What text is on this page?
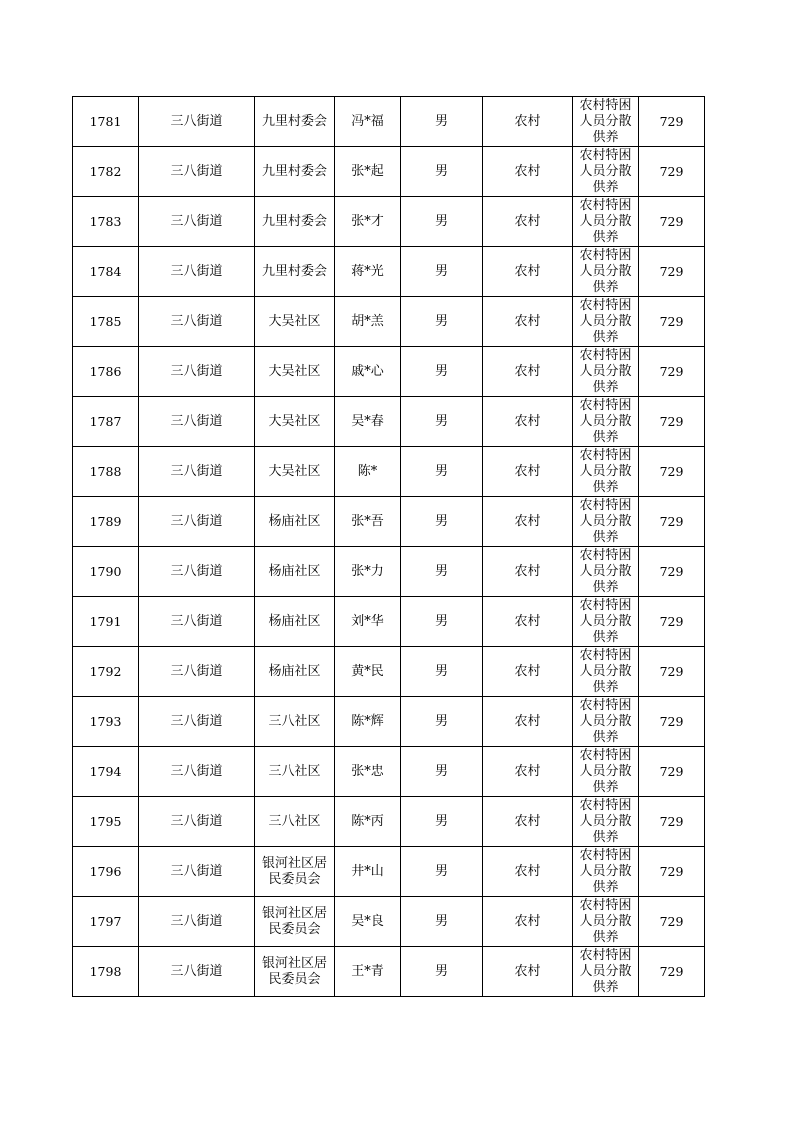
1781	三八街道	九里村委会	冯*福	男	农村	农村特困人员分散供养	729
1782	三八街道	九里村委会	张*起	男	农村	农村特困人员分散供养	729
1783	三八街道	九里村委会	张*才	男	农村	农村特困人员分散供养	729
1784	三八街道	九里村委会	蒋*光	男	农村	农村特困人员分散供养	729
1785	三八街道	大吴社区	胡*羔	男	农村	农村特困人员分散供养	729
1786	三八街道	大吴社区	戚*心	男	农村	农村特困人员分散供养	729
1787	三八街道	大吴社区	吴*春	男	农村	农村特困人员分散供养	729
1788	三八街道	大吴社区	陈*	男	农村	农村特困人员分散供养	729
1789	三八街道	杨庙社区	张*吾	男	农村	农村特困人员分散供养	729
1790	三八街道	杨庙社区	张*力	男	农村	农村特困人员分散供养	729
1791	三八街道	杨庙社区	刘*华	男	农村	农村特困人员分散供养	729
1792	三八街道	杨庙社区	黄*民	男	农村	农村特困人员分散供养	729
1793	三八街道	三八社区	陈*辉	男	农村	农村特困人员分散供养	729
1794	三八街道	三八社区	张*忠	男	农村	农村特困人员分散供养	729
1795	三八街道	三八社区	陈*丙	男	农村	农村特困人员分散供养	729
1796	三八街道	银河社区居民委员会	井*山	男	农村	农村特困人员分散供养	729
1797	三八街道	银河社区居民委员会	吴*良	男	农村	农村特困人员分散供养	729
1798	三八街道	银河社区居民委员会	王*青	男	农村	农村特困人员分散供养	729
